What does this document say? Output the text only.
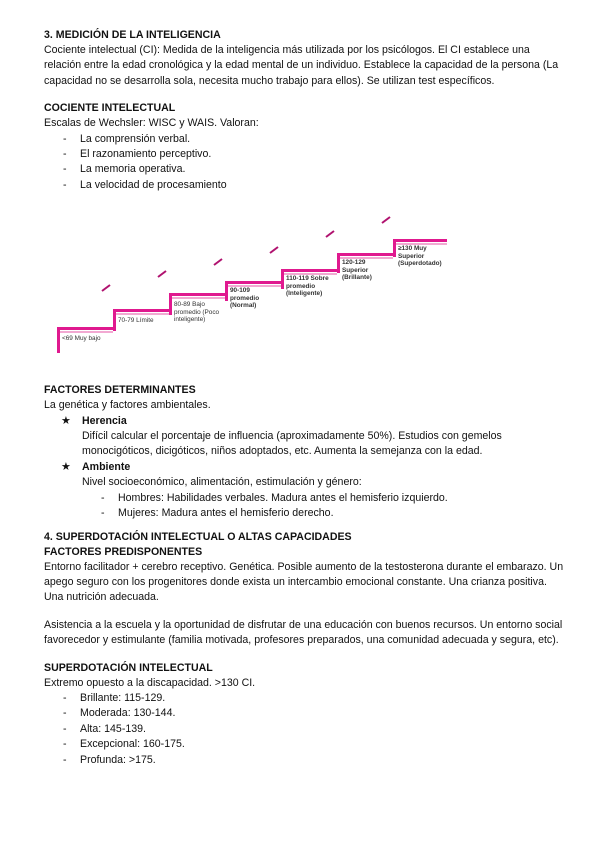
3. MEDICIÓN DE LA INTELIGENCIA

Cociente intelectual (CI): Medida de la inteligencia más utilizada por los psicólogos. El CI establece una relación entre la edad cronológica y la edad mental de un individuo. Establece la capacidad de la persona (La capacidad no se desarrolla sola, necesita mucho trabajo para ellos). Se utilizan test específicos.

COCIENTE INTELECTUAL

Escalas de Wechsler: WISC y WAIS. Valoran:

- La comprensión verbal.
- El razonamiento perceptivo.
- La memoria operativa.
- La velocidad de procesamiento
<69 Muy bajo
70-79 Límite
80-89 Bajo promedio (Poco inteligente)
90-109 promedio (Normal)
110-119 Sobre promedio (Inteligente)
120-129 Superior (Brillante)
≥130 Muy Superior (Superdotado)
FACTORES DETERMINANTES

La genética y factores ambientales.

★ Herencia

Difícil calcular el porcentaje de influencia (aproximadamente 50%). Estudios con gemelos monocigóticos, dicigóticos, niños adoptados, etc. Aumenta la semejanza con la edad.

★ Ambiente

Nivel socioeconómico, alimentación, estimulación y género:

- Hombres: Habilidades verbales. Madura antes el hemisferio izquierdo.
- Mujeres: Madura antes el hemisferio derecho.
4. SUPERDOTACIÓN INTELECTUAL O ALTAS CAPACIDADES
FACTORES PREDISPONENTES

Entorno facilitador + cerebro receptivo. Genética. Posible aumento de la testosterona durante el embarazo. Un apego seguro con los progenitores donde exista un intercambio emocional constante. Una crianza positiva. Una nutrición adecuada.

Asistencia a la escuela y la oportunidad de disfrutar de una educación con buenos recursos. Un entorno social favorecedor y estimulante (familia motivada, profesores preparados, una comunidad adecuada y segura, etc).

SUPERDOTACIÓN INTELECTUAL

Extremo opuesto a la discapacidad. >130 CI.

- Brillante: 115-129.
- Moderada: 130-144.
- Alta: 145-139.
- Excepcional: 160-175.
- Profunda: >175.
